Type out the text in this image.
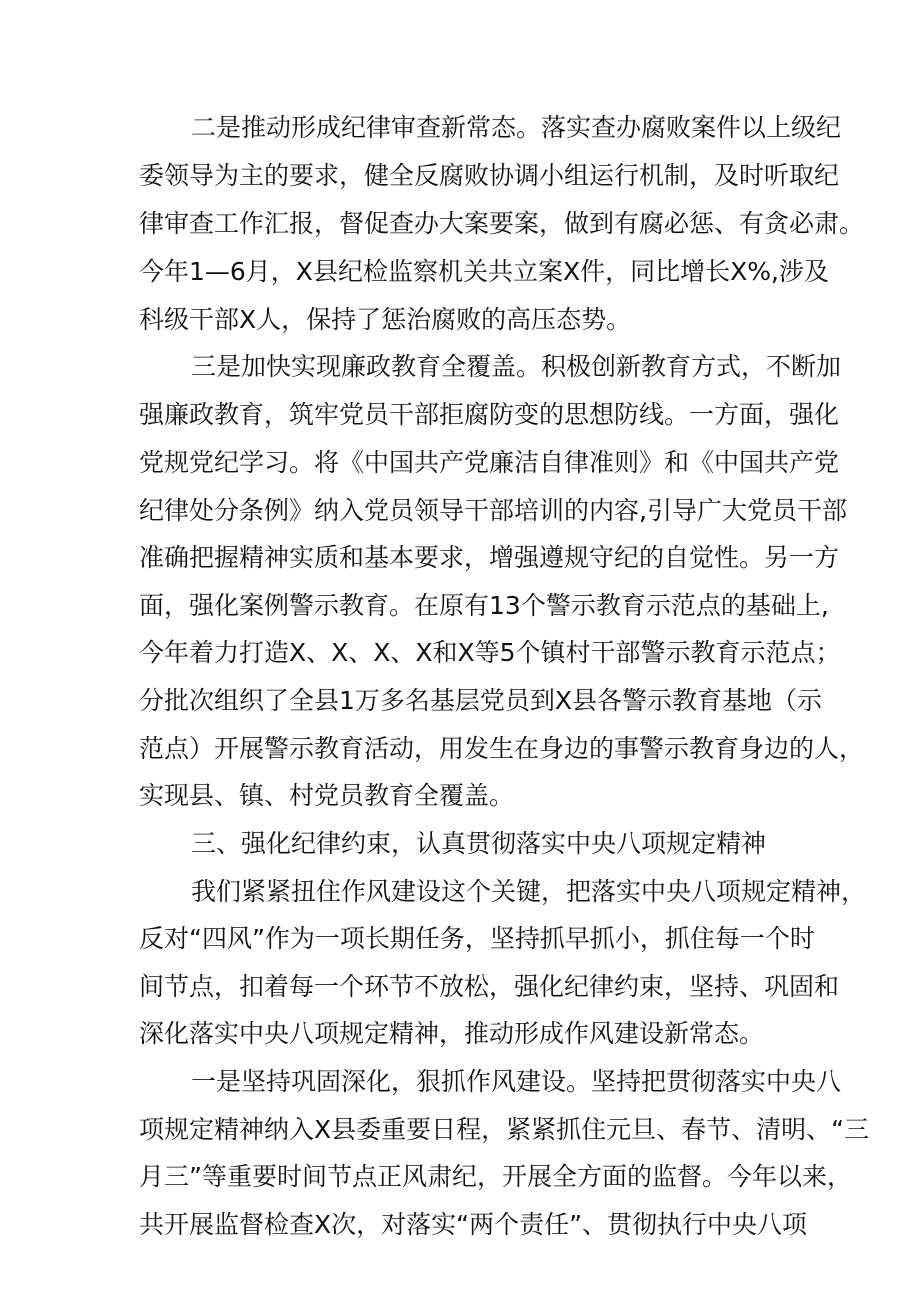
二是推动形成纪律审查新常态。落实查办腐败案件以上级纪

委领导为主的要求，健全反腐败协调小组运行机制，及时听取纪

律审查工作汇报，督促查办大案要案，做到有腐必惩、有贪必肃。

今年1—6月，X县纪检监察机关共立案X件，同比增长X%,涉及

科级干部X人，保持了惩治腐败的高压态势。

三是加快实现廉政教育全覆盖。积极创新教育方式，不断加

强廉政教育，筑牢党员干部拒腐防变的思想防线。一方面，强化

党规党纪学习。将《中国共产党廉洁自律准则》和《中国共产党

纪律处分条例》纳入党员领导干部培训的内容,引导广大党员干部

准确把握精神实质和基本要求，增强遵规守纪的自觉性。另一方

面，强化案例警示教育。在原有13个警示教育示范点的基础上,

今年着力打造X、X、X、X和X等5个镇村干部警示教育示范点；

分批次组织了全县1万多名基层党员到X县各警示教育基地（示

范点）开展警示教育活动，用发生在身边的事警示教育身边的人，

实现县、镇、村党员教育全覆盖。

三、强化纪律约束，认真贯彻落实中央八项规定精神

我们紧紧扭住作风建设这个关键，把落实中央八项规定精神，

反对“四风”作为一项长期任务，坚持抓早抓小，抓住每一个时

间节点，扣着每一个环节不放松，强化纪律约束，坚持、巩固和

深化落实中央八项规定精神，推动形成作风建设新常态。

一是坚持巩固深化，狠抓作风建设。坚持把贯彻落实中央八

项规定精神纳入X县委重要日程，紧紧抓住元旦、春节、清明、“三

月三”等重要时间节点正风肃纪，开展全方面的监督。今年以来，

共开展监督检查X次，对落实“两个责任”、贯彻执行中央八项
